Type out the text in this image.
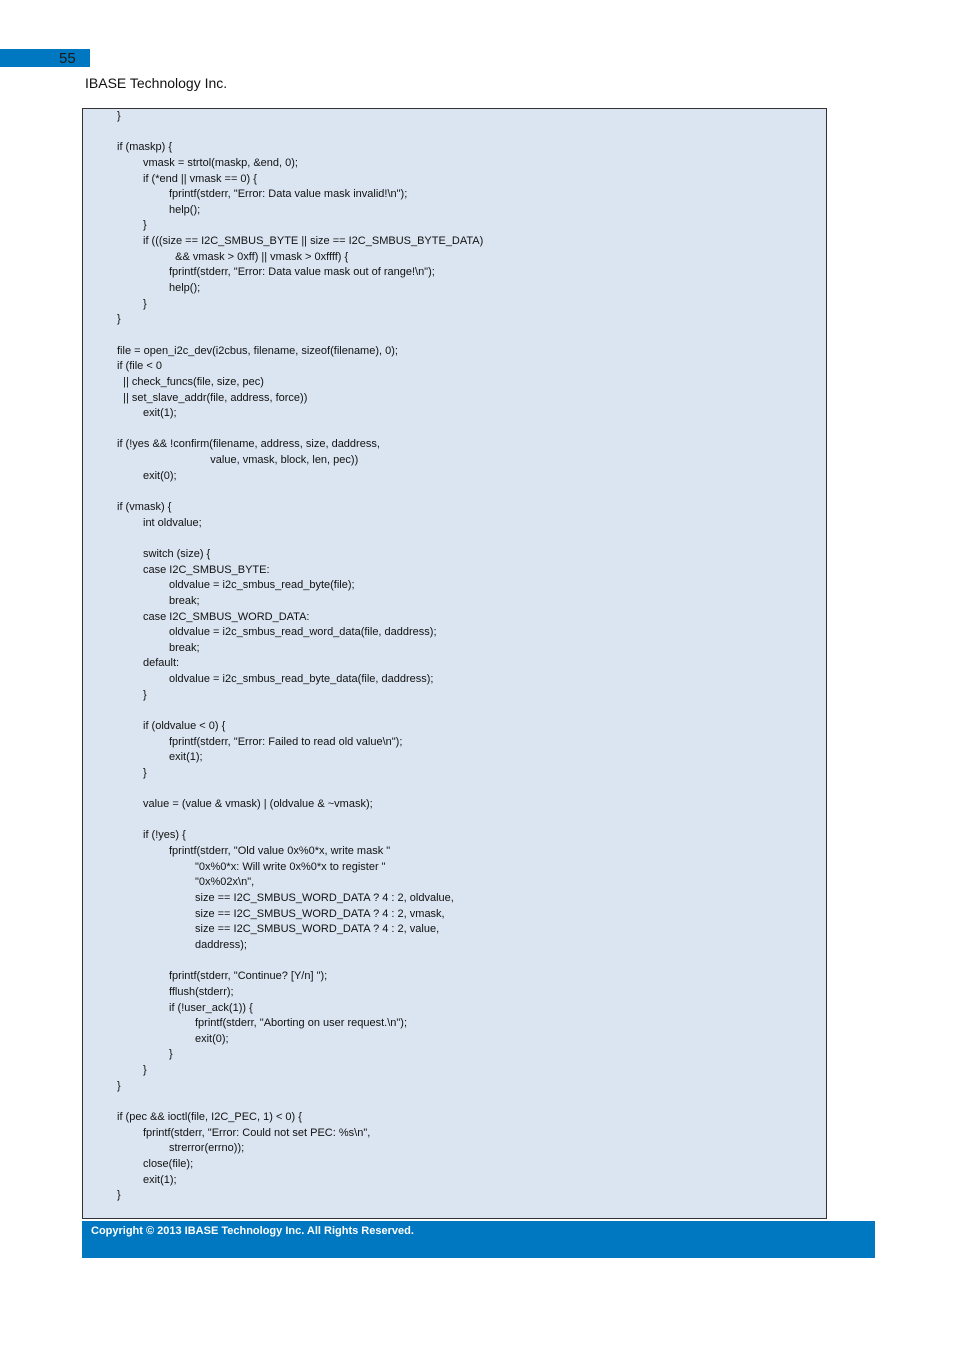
55
IBASE Technology Inc.
}
if (maskp) {
	vmask = strtol(maskp, &end, 0);
	if (*end || vmask == 0) {
		fprintf(stderr, "Error: Data value mask invalid!\n");
		help();
	}
	if (((size == I2C_SMBUS_BYTE || size == I2C_SMBUS_BYTE_DATA)
		&& vmask > 0xff) || vmask > 0xffff) {
		fprintf(stderr, "Error: Data value mask out of range!\n");
		help();
	}
}
file = open_i2c_dev(i2cbus, filename, sizeof(filename), 0);
if (file < 0
|| check_funcs(file, size, pec)
|| set_slave_addr(file, address, force))
	exit(1);
if (!yes && !confirm(filename, address, size, daddress,
			value, vmask, block, len, pec))
	exit(0);
if (vmask) {
	int oldvalue;
	switch (size) {
	case I2C_SMBUS_BYTE:
		oldvalue = i2c_smbus_read_byte(file);
		break;
	case I2C_SMBUS_WORD_DATA:
		oldvalue = i2c_smbus_read_word_data(file, daddress);
		break;
	default:
		oldvalue = i2c_smbus_read_byte_data(file, daddress);
	}
	if (oldvalue < 0) {
		fprintf(stderr, "Error: Failed to read old value\n");
		exit(1);
	}
	value = (value & vmask) | (oldvalue & ~vmask);
	if (!yes) {
		fprintf(stderr, "Old value 0x%0*x, write mask "
			"0x%0*x: Will write 0x%0*x to register "
			"0x%02x\n",
			size == I2C_SMBUS_WORD_DATA ? 4 : 2, oldvalue,
			size == I2C_SMBUS_WORD_DATA ? 4 : 2, vmask,
			size == I2C_SMBUS_WORD_DATA ? 4 : 2, value,
			daddress);
		fprintf(stderr, "Continue? [Y/n] ");
		fflush(stderr);
		if (!user_ack(1)) {
			fprintf(stderr, "Aborting on user request.\n");
			exit(0);
		}
	}
}
if (pec && ioctl(file, I2C_PEC, 1) < 0) {
	fprintf(stderr, "Error: Could not set PEC: %s\n",
		strerror(errno));
	close(file);
	exit(1);
}
Copyright © 2013 IBASE Technology Inc. All Rights Reserved.
